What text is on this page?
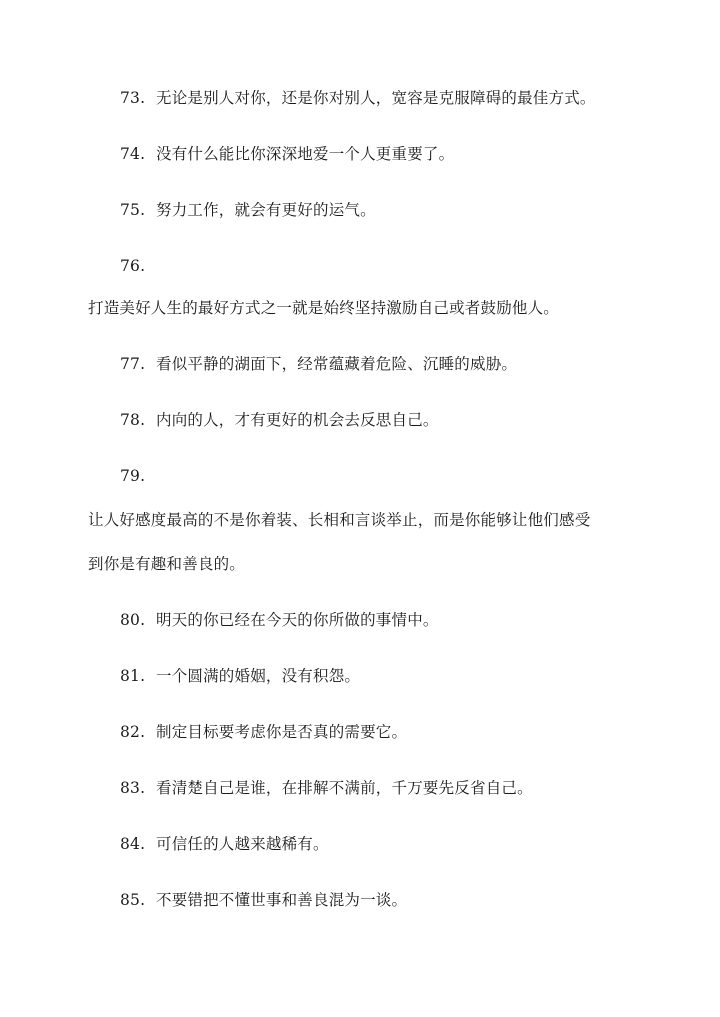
73. 无论是别人对你，还是你对别人，宽容是克服障碍的最佳方式。
74. 没有什么能比你深深地爱一个人更重要了。
75. 努力工作，就会有更好的运气。
76.
打造美好人生的最好方式之一就是始终坚持激励自己或者鼓励他人。
77. 看似平静的湖面下，经常蕴藏着危险、沉睡的威胁。
78. 内向的人，才有更好的机会去反思自己。
79.
让人好感度最高的不是你着装、长相和言谈举止，而是你能够让他们感受
到你是有趣和善良的。
80. 明天的你已经在今天的你所做的事情中。
81. 一个圆满的婚姻，没有积怨。
82. 制定目标要考虑你是否真的需要它。
83. 看清楚自己是谁，在排解不满前，千万要先反省自己。
84. 可信任的人越来越稀有。
85. 不要错把不懂世事和善良混为一谈。
